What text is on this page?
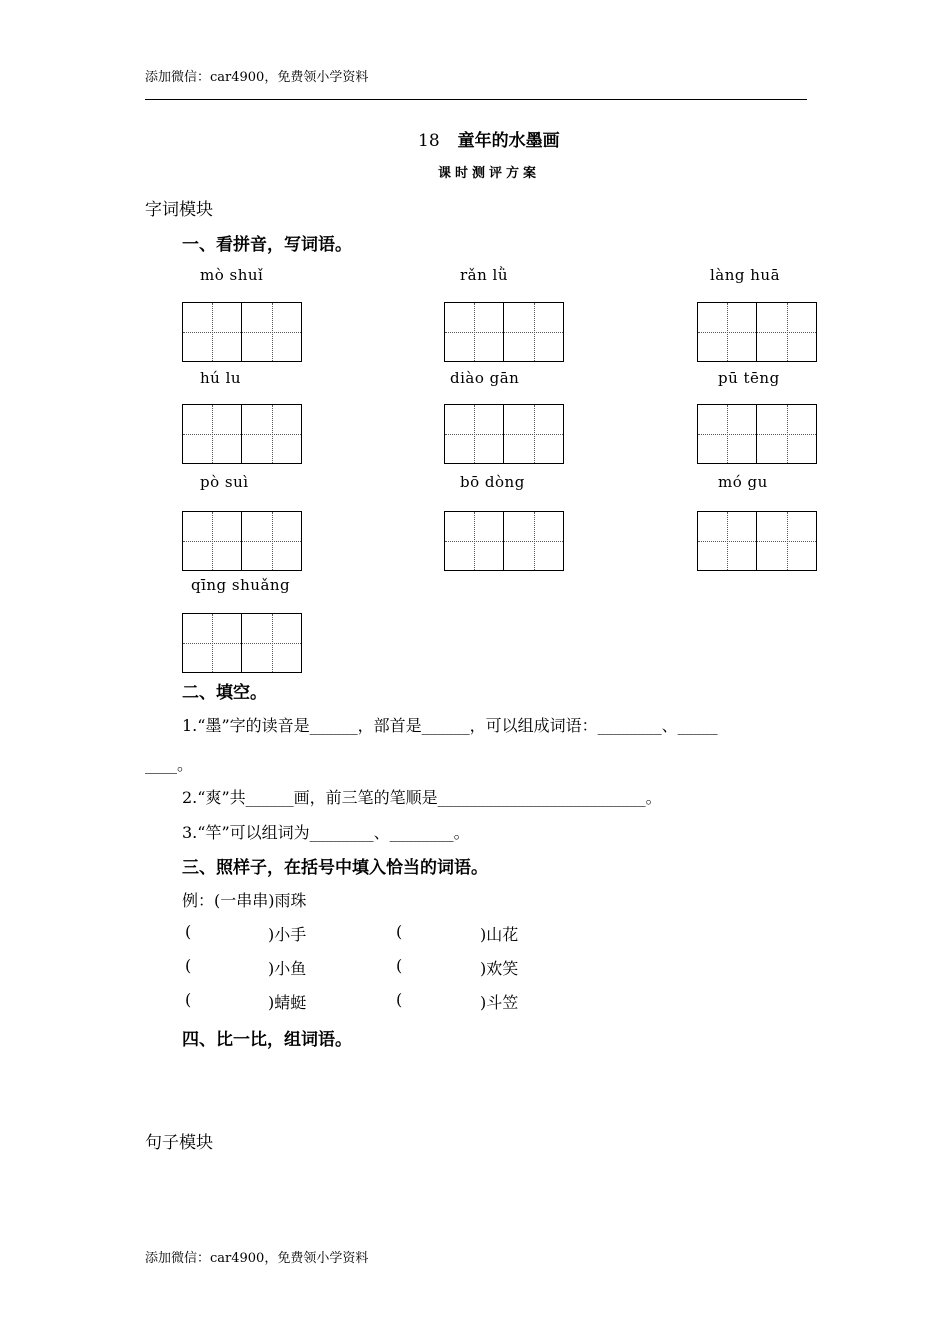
添加微信：car4900，免费领小学资料
18 童年的水墨画
课时测评方案
字词模块
一、看拼音，写词语。
mò shuǐ	rǎn lǜ	làng huā
hú lu	diào gān	pū tēng
pò suì	bō dòng	mó gu
qīng shuǎng
二、填空。
1.“墨”字的读音是______，部首是______，可以组成词语：________、_____
____。
2.“爽”共______画，前三笔的笔顺是__________________________。
3.“竿”可以组词为________、________。
三、照样子，在括号中填入恰当的词语。
例：(一串串)雨珠
(	)小手	(	)山花
(	)小鱼	(	)欢笑
(	)蜻蜓	(	)斗笠
四、比一比，组词语。
句子模块
添加微信：car4900，免费领小学资料
